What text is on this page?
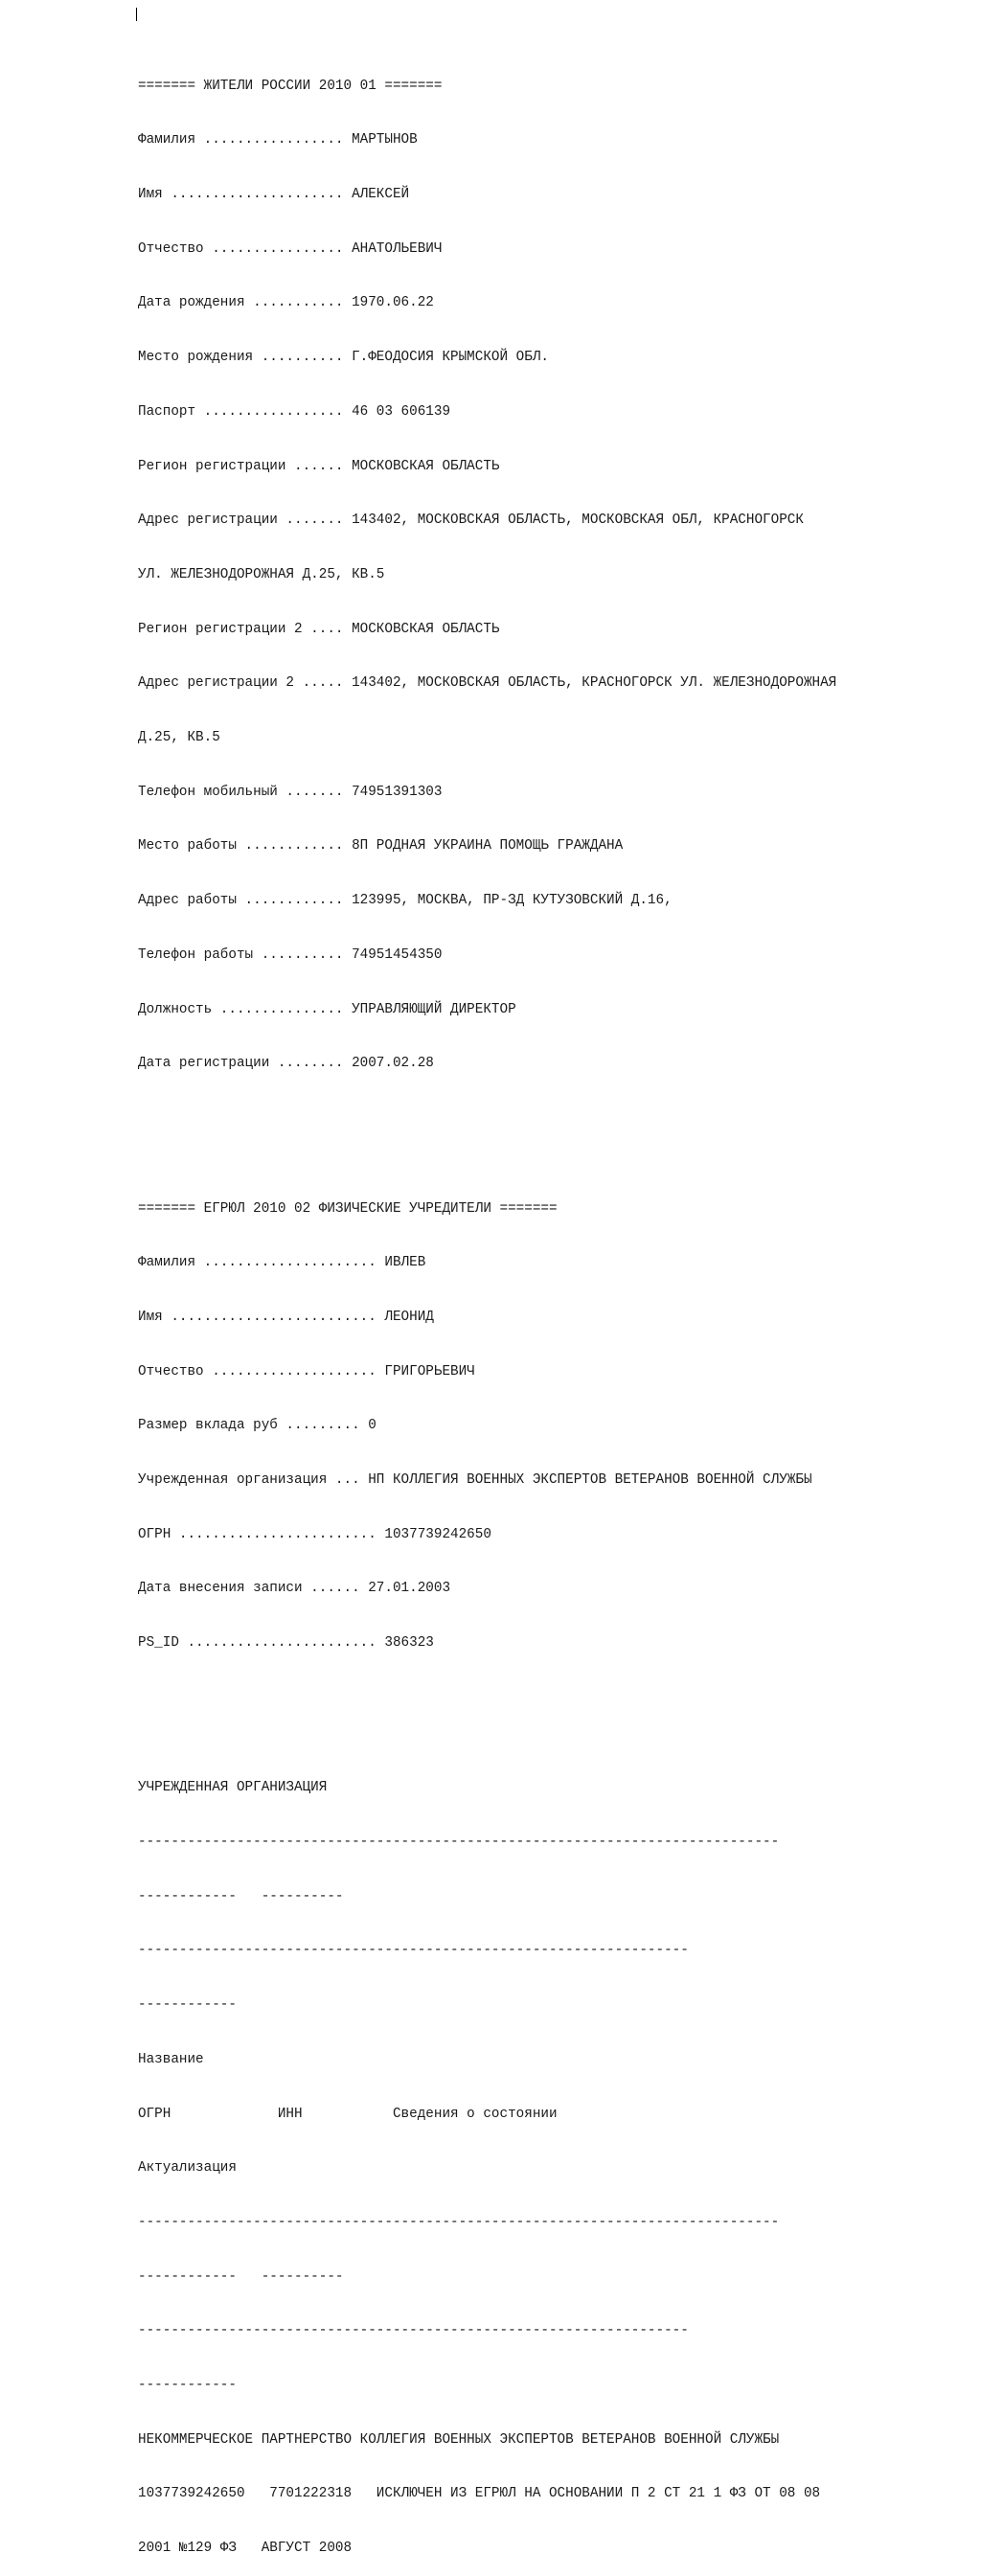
======= ЖИТЕЛИ РОССИИ 2010 01 =======

Фамилия ................. МАРТЫНОВ

Имя ..................... АЛЕКСЕЙ

Отчество ................ АНАТОЛЬЕВИЧ

Дата рождения ........... 1970.06.22

Место рождения .......... Г.ФЕОДОСИЯ КРЫМСКОЙ ОБЛ.

Паспорт ................. 46 03 606139

Регион регистрации ...... МОСКОВСКАЯ ОБЛАСТЬ

Адрес регистрации ....... 143402, МОСКОВСКАЯ ОБЛАСТЬ, МОСКОВСКАЯ ОБЛ, КРАСНОГОРСК

УЛ. ЖЕЛЕЗНОДОРОЖНАЯ Д.25, КВ.5

Регион регистрации 2 .... МОСКОВСКАЯ ОБЛАСТЬ

Адрес регистрации 2 ..... 143402, МОСКОВСКАЯ ОБЛАСТЬ, КРАСНОГОРСК УЛ. ЖЕЛЕЗНОДОРОЖНАЯ

Д.25, КВ.5

Телефон мобильный ....... 74951391303

Место работы ............ 8П РОДНАЯ УКРАИНА ПОМОЩЬ ГРАЖДАНА

Адрес работы ............ 123995, МОСКВА, ПР-ЗД КУТУЗОВСКИЙ Д.16,

Телефон работы .......... 74951454350

Должность ............... УПРАВЛЯЮЩИЙ ДИРЕКТОР

Дата регистрации ........ 2007.02.28

======= ЕГРЮЛ 2010 02 ФИЗИЧЕСКИЕ УЧРЕДИТЕЛИ =======

Фамилия ..................... ИВЛЕВ

Имя ......................... ЛЕОНИД

Отчество .................... ГРИГОРЬЕВИЧ

Размер вклада руб ......... 0

Учрежденная организация ... НП КОЛЛЕГИЯ ВОЕННЫХ ЭКСПЕРТОВ ВЕТЕРАНОВ ВОЕННОЙ СЛУЖБЫ

ОГРН ........................ 1037739242650

Дата внесения записи ...... 27.01.2003

PS_ID ....................... 386323

УЧРЕЖДЕННАЯ ОРГАНИЗАЦИЯ

------------------------------------------------------------------------------

------------   ----------

-------------------------------------------------------------------

------------

Название

ОГРН             ИНН           Сведения о состоянии

Актуализация

------------------------------------------------------------------------------

------------   ----------

-------------------------------------------------------------------

------------

НЕКОММЕРЧЕСКОЕ ПАРТНЕРСТВО КОЛЛЕГИЯ ВОЕННЫХ ЭКСПЕРТОВ ВЕТЕРАНОВ ВОЕННОЙ СЛУЖБЫ

1037739242650   7701222318   ИСКЛЮЧЕН ИЗ ЕГРЮЛ НА ОСНОВАНИИ П 2 СТ 21 1 ФЗ ОТ 08 08

2001 №129 ФЗ   АВГУСТ 2008
